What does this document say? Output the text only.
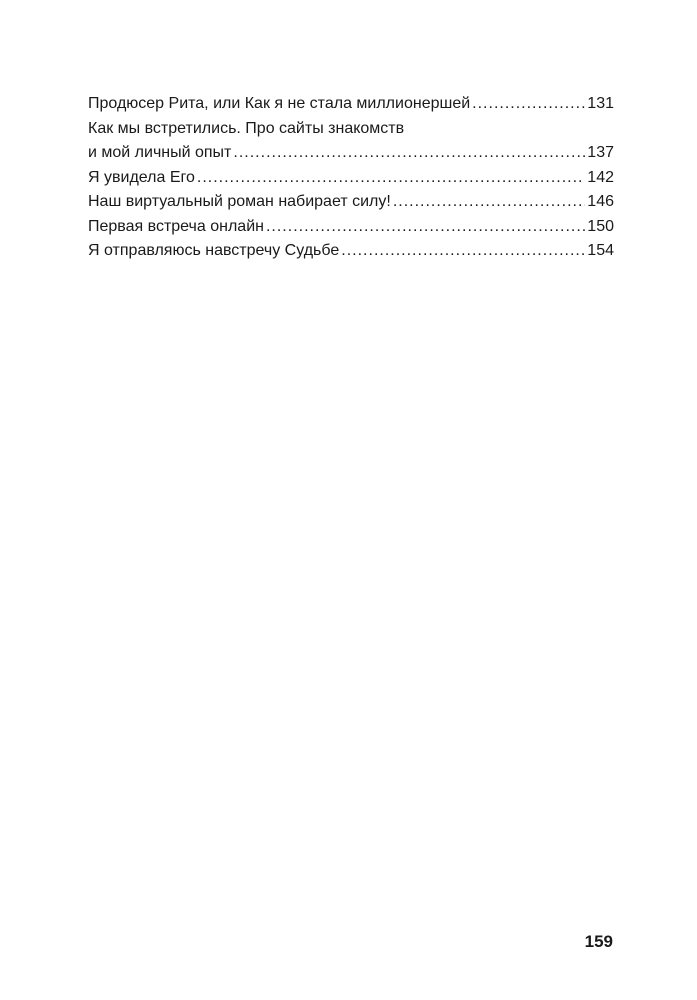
Продюсер Рита, или Как я не стала миллионершей .....	131
Как мы встретились. Про сайты знакомств
и мой личный опыт .....	137
Я увидела Его .....	142
Наш виртуальный роман набирает силу! .....	146
Первая встреча онлайн .....	150
Я отправляюсь навстречу Судьбе .....	154
159
